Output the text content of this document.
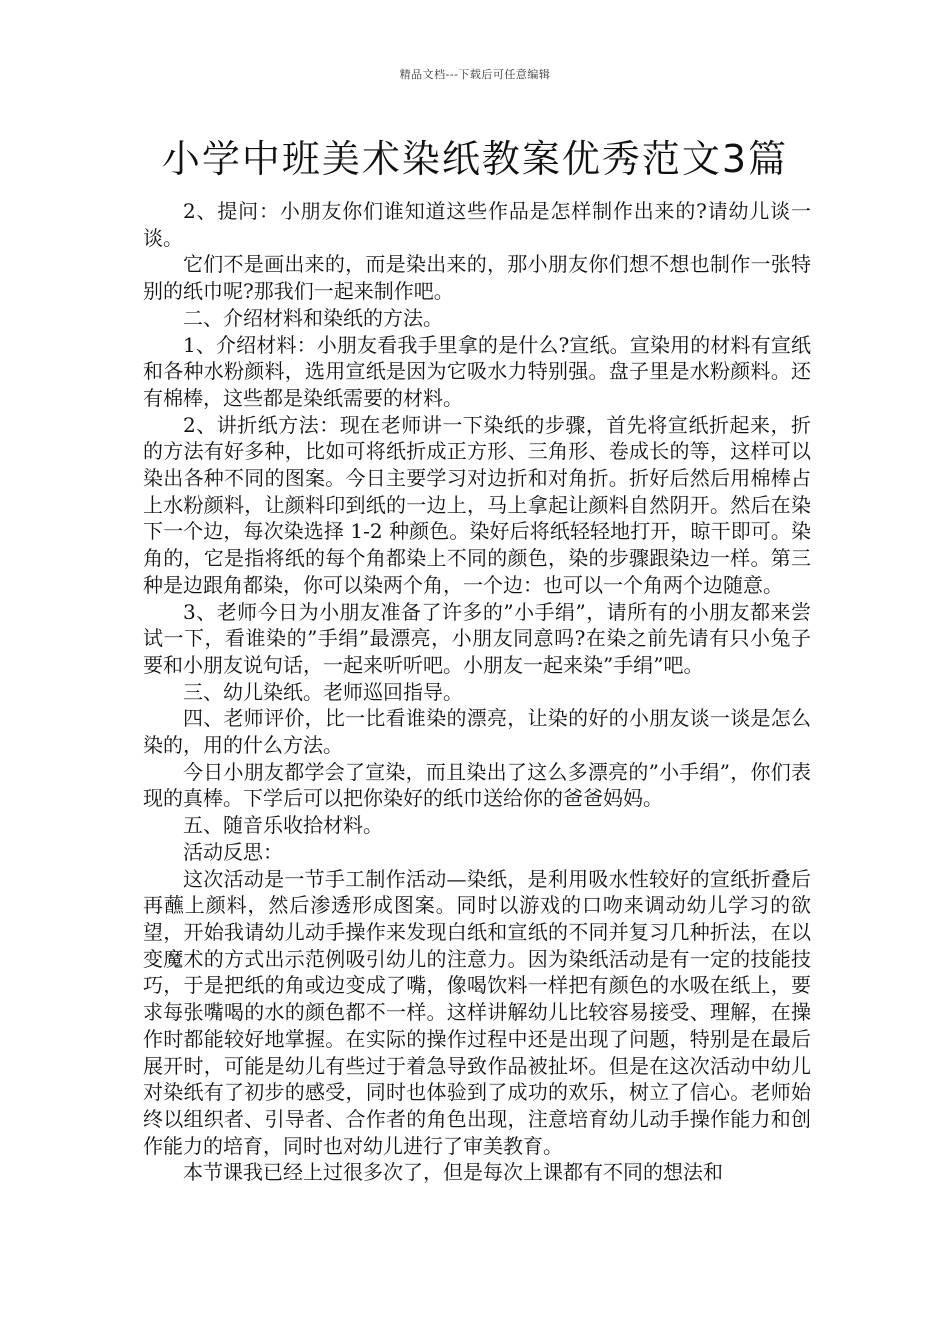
精品文档---下载后可任意编辑
小学中班美术染纸教案优秀范文3篇

2、提问：小朋友你们谁知道这些作品是怎样制作出来的?请幼儿谈一谈。

它们不是画出来的，而是染出来的，那小朋友你们想不想也制作一张特别的纸巾呢?那我们一起来制作吧。

二、介绍材料和染纸的方法。

1、介绍材料：小朋友看我手里拿的是什么?宣纸。宣染用的材料有宣纸和各种水粉颜料，选用宣纸是因为它吸水力特别强。盘子里是水粉颜料。还有棉棒，这些都是染纸需要的材料。

2、讲折纸方法：现在老师讲一下染纸的步骤，首先将宣纸折起来，折的方法有好多种，比如可将纸折成正方形、三角形、卷成长的等，这样可以染出各种不同的图案。今日主要学习对边折和对角折。折好后然后用棉棒占上水粉颜料，让颜料印到纸的一边上，马上拿起让颜料自然阴开。然后在染下一个边，每次染选择 1-2 种颜色。染好后将纸轻轻地打开，晾干即可。染角的，它是指将纸的每个角都染上不同的颜色，染的步骤跟染边一样。第三种是边跟角都染，你可以染两个角，一个边：也可以一个角两个边随意。

3、老师今日为小朋友准备了许多的”小手绢”，请所有的小朋友都来尝试一下，看谁染的”手绢”最漂亮，小朋友同意吗?在染之前先请有只小兔子要和小朋友说句话，一起来听听吧。小朋友一起来染”手绢”吧。

三、幼儿染纸。老师巡回指导。

四、老师评价，比一比看谁染的漂亮，让染的好的小朋友谈一谈是怎么染的，用的什么方法。

今日小朋友都学会了宣染，而且染出了这么多漂亮的”小手绢”，你们表现的真棒。下学后可以把你染好的纸巾送给你的爸爸妈妈。

五、随音乐收拾材料。

活动反思：

这次活动是一节手工制作活动—染纸，是利用吸水性较好的宣纸折叠后再蘸上颜料，然后渗透形成图案。同时以游戏的口吻来调动幼儿学习的欲望，开始我请幼儿动手操作来发现白纸和宣纸的不同并复习几种折法，在以变魔术的方式出示范例吸引幼儿的注意力。因为染纸活动是有一定的技能技巧，于是把纸的角或边变成了嘴，像喝饮料一样把有颜色的水吸在纸上，要求每张嘴喝的水的颜色都不一样。这样讲解幼儿比较容易接受、理解，在操作时都能较好地掌握。在实际的操作过程中还是出现了问题，特别是在最后展开时，可能是幼儿有些过于着急导致作品被扯坏。但是在这次活动中幼儿对染纸有了初步的感受，同时也体验到了成功的欢乐，树立了信心。老师始终以组织者、引导者、合作者的角色出现，注意培育幼儿动手操作能力和创作能力的培育，同时也对幼儿进行了审美教育。

本节课我已经上过很多次了，但是每次上课都有不同的想法和
